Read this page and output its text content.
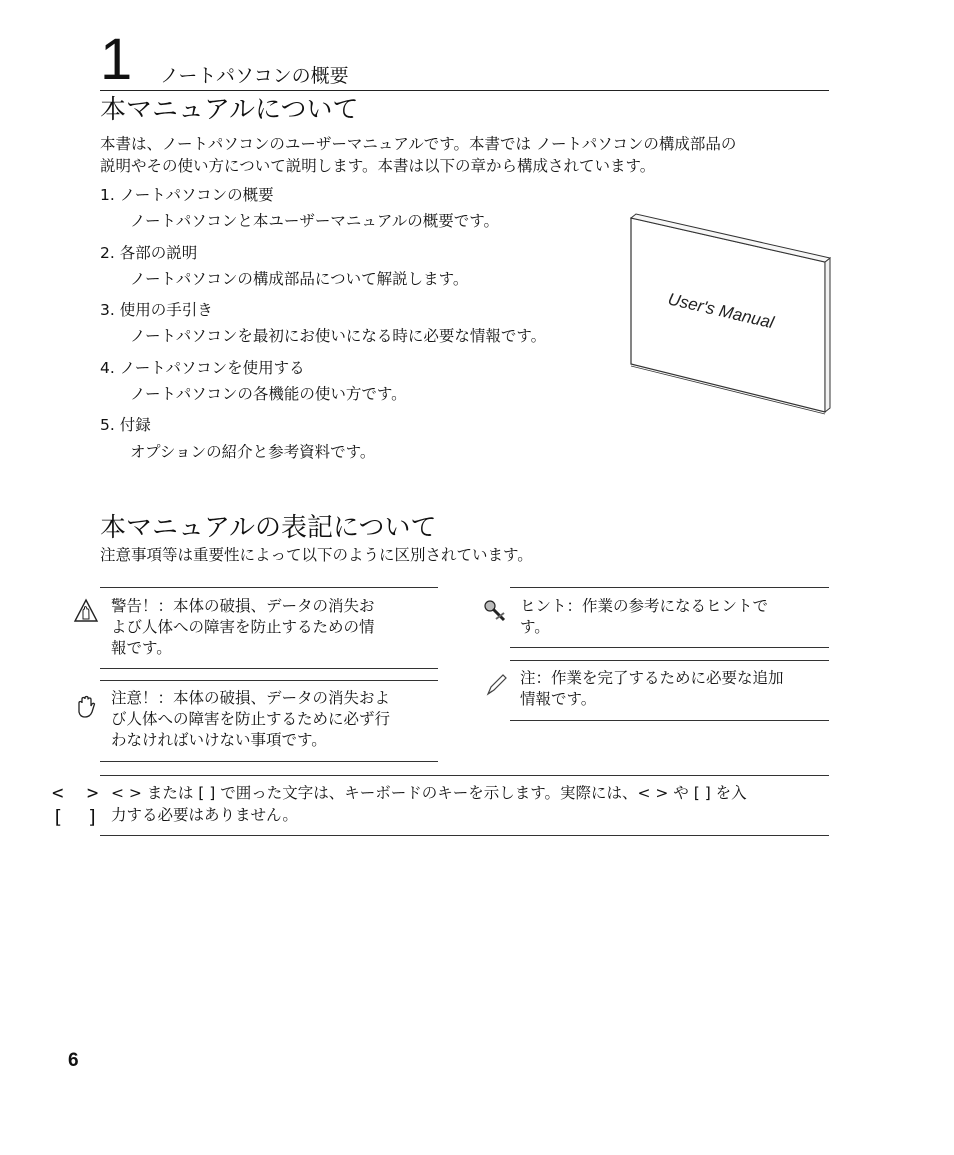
1 ノートパソコンの概要
本マニュアルについて
本書は、ノートパソコンのユーザーマニュアルです。本書では ノートパソコンの構成部品の
説明やその使い方について説明します。本書は以下の章から構成されています。
1. ノートパソコンの概要
ノートパソコンと本ユーザーマニュアルの概要です。
2. 各部の説明
ノートパソコンの構成部品について解説します。
3. 使用の手引き
ノートパソコンを最初にお使いになる時に必要な情報です。
4. ノートパソコンを使用する
ノートパソコンの各機能の使い方です。
5. 付録
オプションの紹介と参考資料です。
User's Manual
本マニュアルの表記について
注意事項等は重要性によって以下のように区別されています。
警告！：本体の破損、データの消失お
よび人体への障害を防止するための情
報です。
注意！：本体の破損、データの消失およ
び人体への障害を防止するために必ず行
わなければいけない事項です。
ヒント：作業の参考になるヒントで
す。
注：作業を完了するために必要な追加
情報です。
< >
[ ]
< > または [ ] で囲った文字は、キーボードのキーを示します。実際には、< > や [ ] を入
力する必要はありません。
6
